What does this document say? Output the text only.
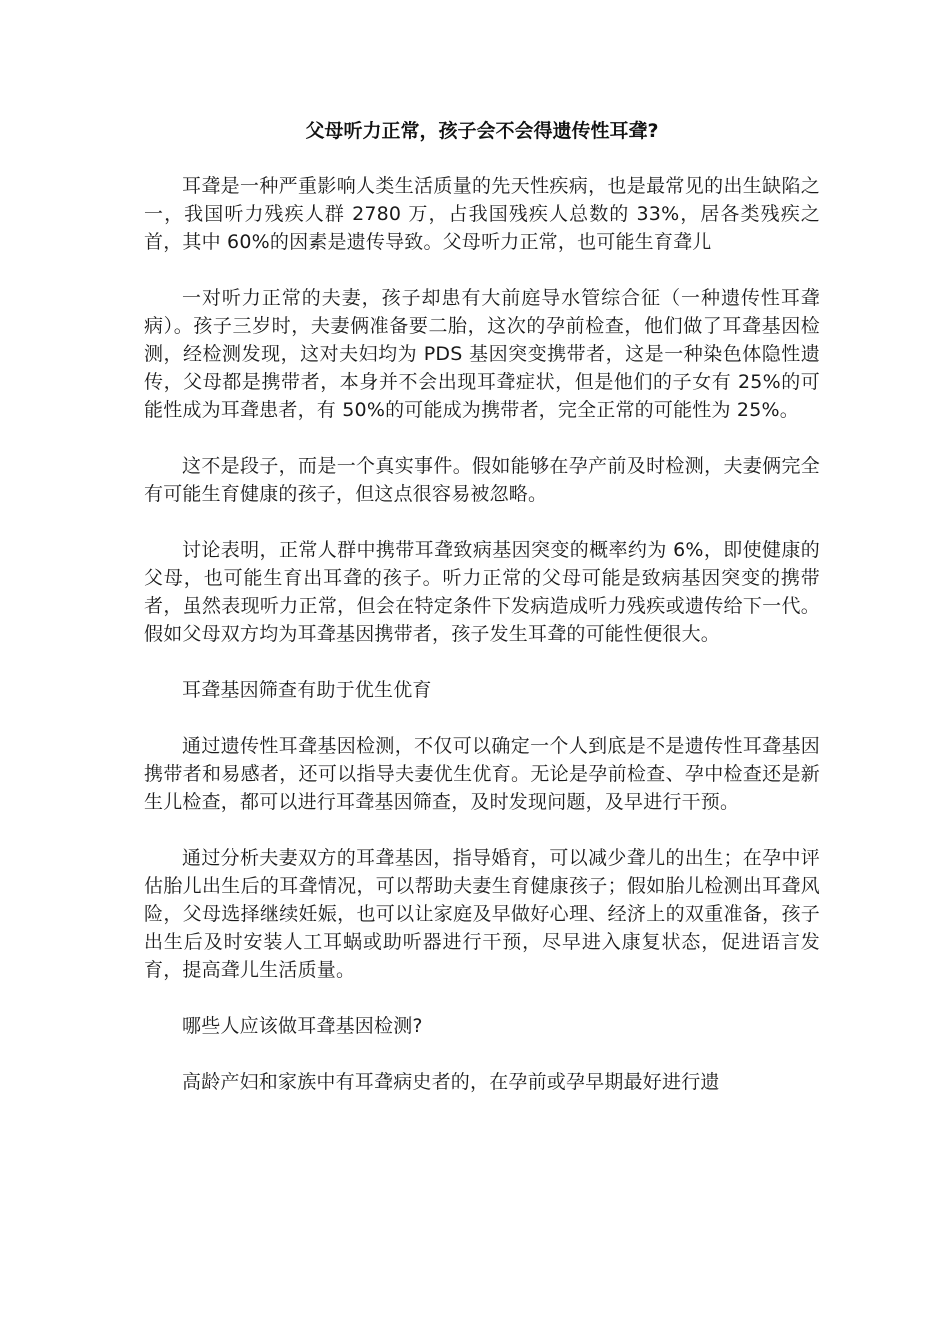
父母听力正常，孩子会不会得遗传性耳聋?

耳聋是一种严重影响人类生活质量的先天性疾病，也是最常见的出生缺陷之一，我国听力残疾人群 2780 万，占我国残疾人总数的 33%，居各类残疾之首，其中 60%的因素是遗传导致。父母听力正常，也可能生育聋儿

一对听力正常的夫妻，孩子却患有大前庭导水管综合征（一种遗传性耳聋病）。孩子三岁时，夫妻俩准备要二胎，这次的孕前检查，他们做了耳聋基因检测，经检测发现，这对夫妇均为 PDS 基因突变携带者，这是一种染色体隐性遗传，父母都是携带者，本身并不会出现耳聋症状，但是他们的子女有 25%的可能性成为耳聋患者，有 50%的可能成为携带者，完全正常的可能性为 25%。

这不是段子，而是一个真实事件。假如能够在孕产前及时检测，夫妻俩完全有可能生育健康的孩子，但这点很容易被忽略。

讨论表明，正常人群中携带耳聋致病基因突变的概率约为 6%，即使健康的父母，也可能生育出耳聋的孩子。听力正常的父母可能是致病基因突变的携带者，虽然表现听力正常，但会在特定条件下发病造成听力残疾或遗传给下一代。假如父母双方均为耳聋基因携带者，孩子发生耳聋的可能性便很大。

耳聋基因筛查有助于优生优育

通过遗传性耳聋基因检测，不仅可以确定一个人到底是不是遗传性耳聋基因携带者和易感者，还可以指导夫妻优生优育。无论是孕前检查、孕中检查还是新生儿检查，都可以进行耳聋基因筛查，及时发现问题，及早进行干预。

通过分析夫妻双方的耳聋基因，指导婚育，可以减少聋儿的出生；在孕中评估胎儿出生后的耳聋情况，可以帮助夫妻生育健康孩子；假如胎儿检测出耳聋风险，父母选择继续妊娠，也可以让家庭及早做好心理、经济上的双重准备，孩子出生后及时安装人工耳蜗或助听器进行干预，尽早进入康复状态，促进语言发育，提高聋儿生活质量。

哪些人应该做耳聋基因检测?

高龄产妇和家族中有耳聋病史者的，在孕前或孕早期最好进行遗
